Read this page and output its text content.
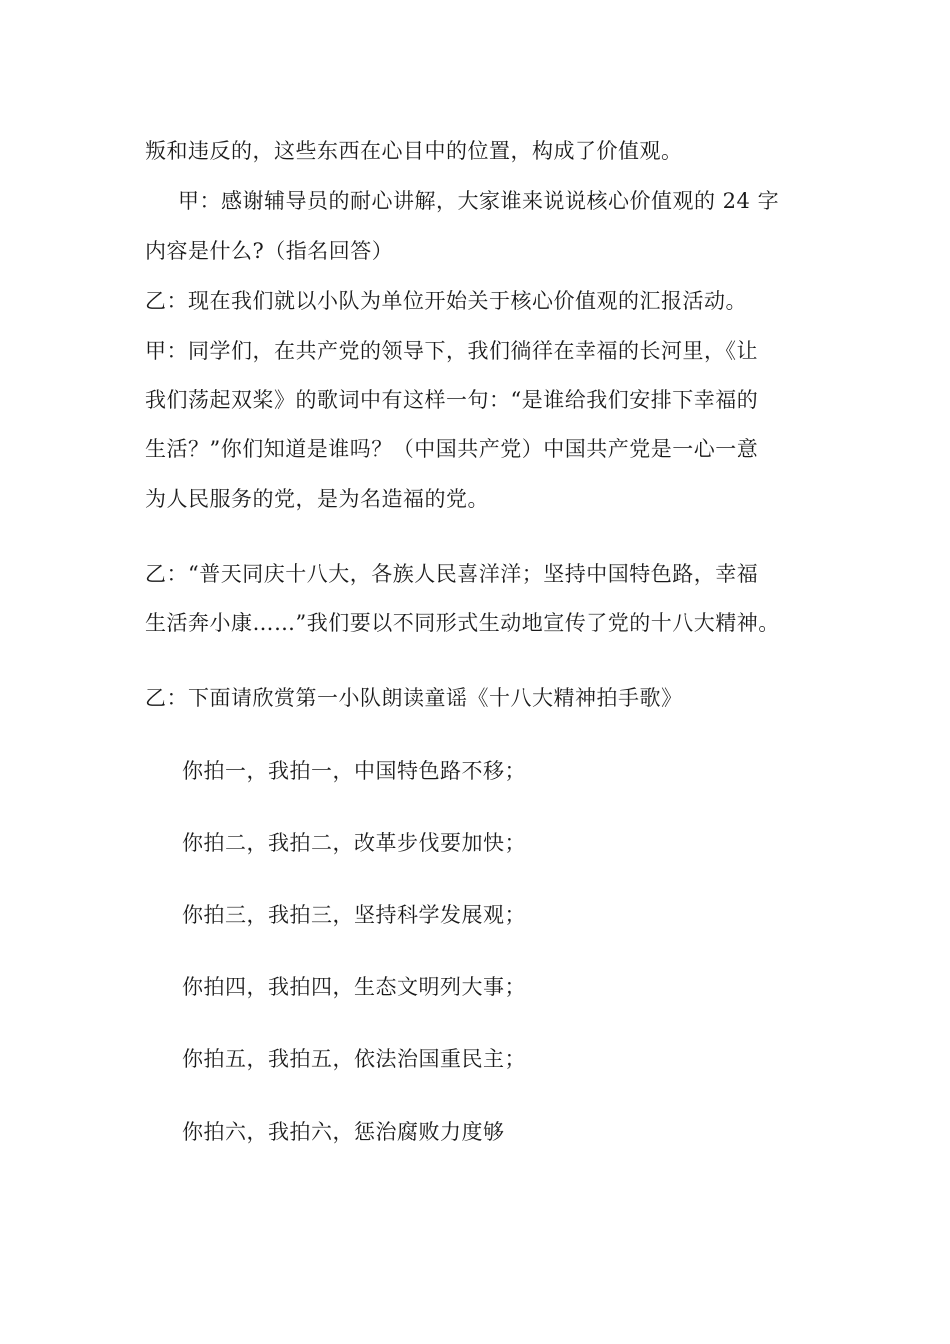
叛和违反的，这些东西在心目中的位置，构成了价值观。
甲：感谢辅导员的耐心讲解，大家谁来说说核心价值观的 24 字
内容是什么?（指名回答）
乙：现在我们就以小队为单位开始关于核心价值观的汇报活动。
甲：同学们，在共产党的领导下，我们徜徉在幸福的长河里，《让
我们荡起双桨》的歌词中有这样一句：“是谁给我们安排下幸福的
生活？”你们知道是谁吗？（中国共产党）中国共产党是一心一意
为人民服务的党，是为名造福的党。
乙：“普天同庆十八大，各族人民喜洋洋；坚持中国特色路，幸福
生活奔小康……”我们要以不同形式生动地宣传了党的十八大精神。
乙：下面请欣赏第一小队朗读童谣《十八大精神拍手歌》
你拍一，我拍一，中国特色路不移；
你拍二，我拍二，改革步伐要加快；
你拍三，我拍三，坚持科学发展观；
你拍四，我拍四，生态文明列大事；
你拍五，我拍五，依法治国重民主；
你拍六，我拍六，惩治腐败力度够
